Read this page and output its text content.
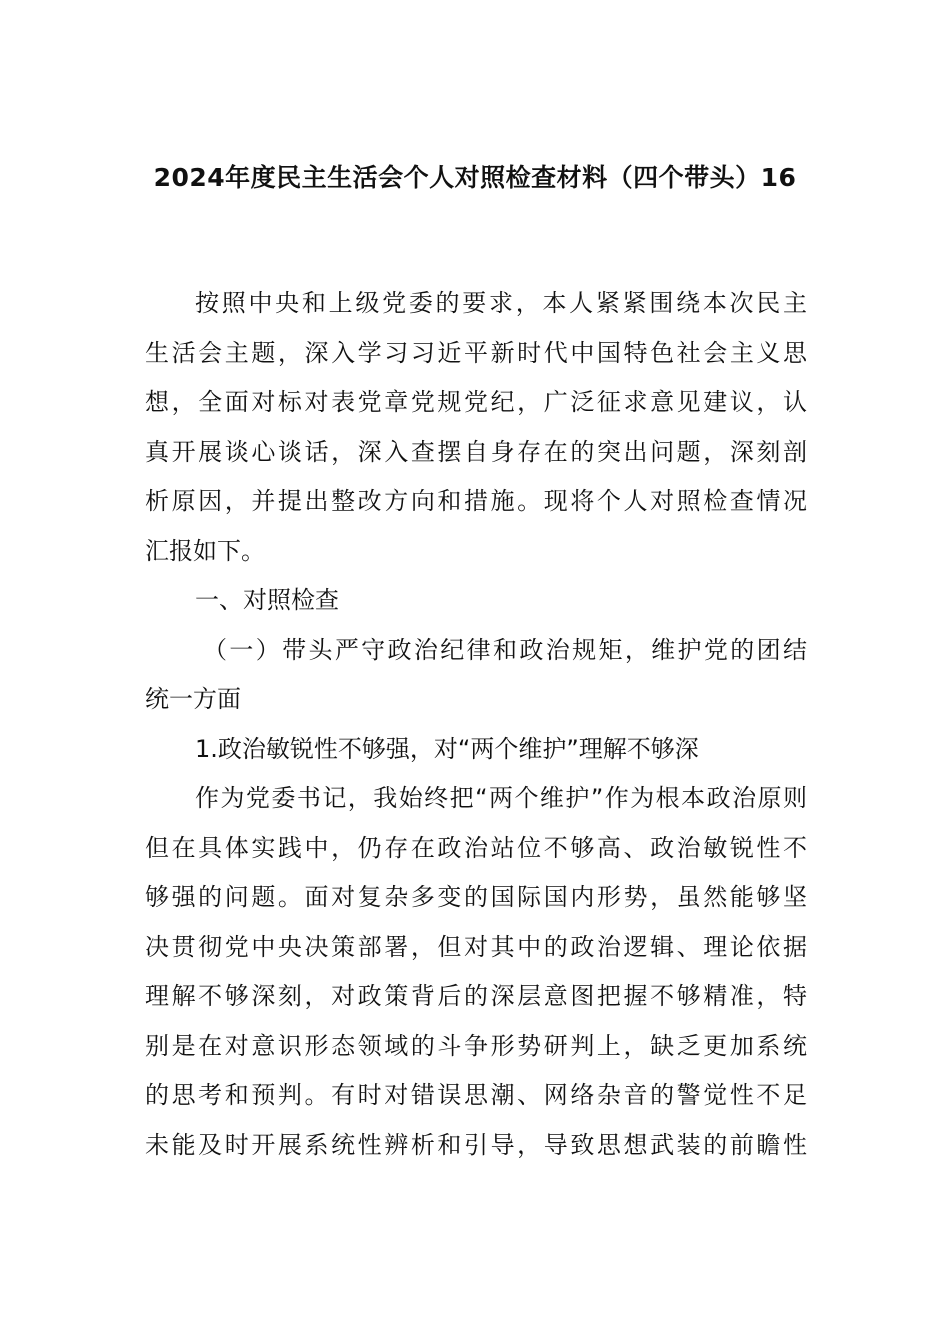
2024年度民主生活会个人对照检查材料（四个带头）16
按照中央和上级党委的要求，本人紧紧围绕本次民主
生活会主题，深入学习习近平新时代中国特色社会主义思
想，全面对标对表党章党规党纪，广泛征求意见建议，认
真开展谈心谈话，深入查摆自身存在的突出问题，深刻剖
析原因，并提出整改方向和措施。现将个人对照检查情况
汇报如下。
一、对照检查
（一）带头严守政治纪律和政治规矩，维护党的团结
统一方面
1.政治敏锐性不够强，对“两个维护”理解不够深
作为党委书记，我始终把“两个维护”作为根本政治原则
但在具体实践中，仍存在政治站位不够高、政治敏锐性不
够强的问题。面对复杂多变的国际国内形势，虽然能够坚
决贯彻党中央决策部署，但对其中的政治逻辑、理论依据
理解不够深刻，对政策背后的深层意图把握不够精准，特
别是在对意识形态领域的斗争形势研判上，缺乏更加系统
的思考和预判。有时对错误思潮、网络杂音的警觉性不足
未能及时开展系统性辨析和引导，导致思想武装的前瞻性
